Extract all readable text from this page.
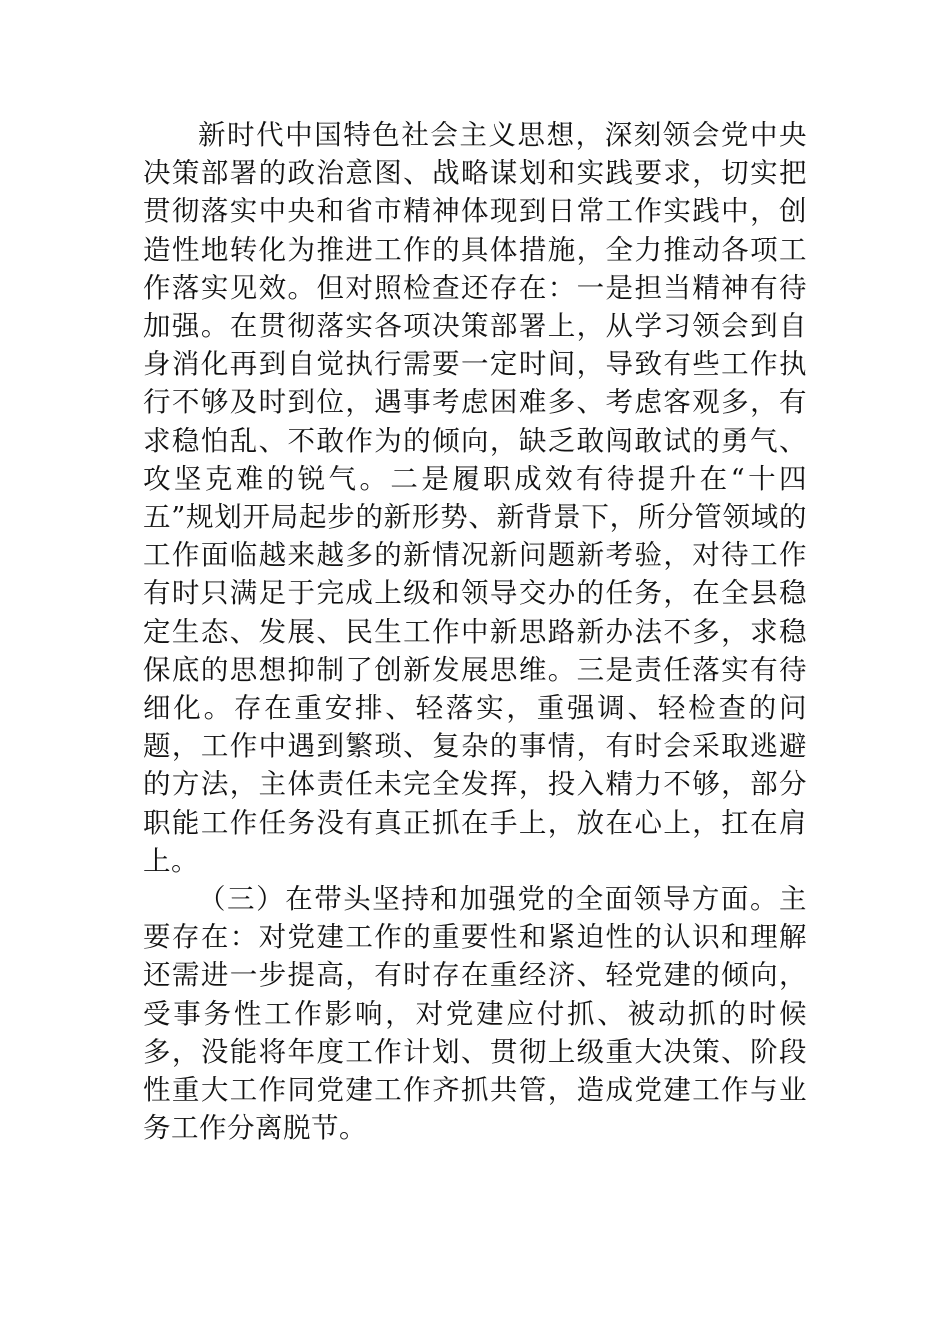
新时代中国特色社会主义思想，深刻领会党中央决策部署的政治意图、战略谋划和实践要求，切实把贯彻落实中央和省市精神体现到日常工作实践中，创造性地转化为推进工作的具体措施，全力推动各项工作落实见效。但对照检查还存在：一是担当精神有待加强。在贯彻落实各项决策部署上，从学习领会到自身消化再到自觉执行需要一定时间，导致有些工作执行不够及时到位，遇事考虑困难多、考虑客观多，有求稳怕乱、不敢作为的倾向，缺乏敢闯敢试的勇气、攻坚克难的锐气。二是履职成效有待提升在“十四五”规划开局起步的新形势、新背景下，所分管领域的工作面临越来越多的新情况新问题新考验，对待工作有时只满足于完成上级和领导交办的任务，在全县稳定生态、发展、民生工作中新思路新办法不多，求稳保底的思想抑制了创新发展思维。三是责任落实有待细化。存在重安排、轻落实，重强调、轻检查的问题，工作中遇到繁琐、复杂的事情，有时会采取逃避的方法，主体责任未完全发挥，投入精力不够，部分职能工作任务没有真正抓在手上，放在心上，扛在肩上。

（三）在带头坚持和加强党的全面领导方面。主要存在：对党建工作的重要性和紧迫性的认识和理解还需进一步提高，有时存在重经济、轻党建的倾向，受事务性工作影响，对党建应付抓、被动抓的时候多，没能将年度工作计划、贯彻上级重大决策、阶段性重大工作同党建工作齐抓共管，造成党建工作与业务工作分离脱节。
